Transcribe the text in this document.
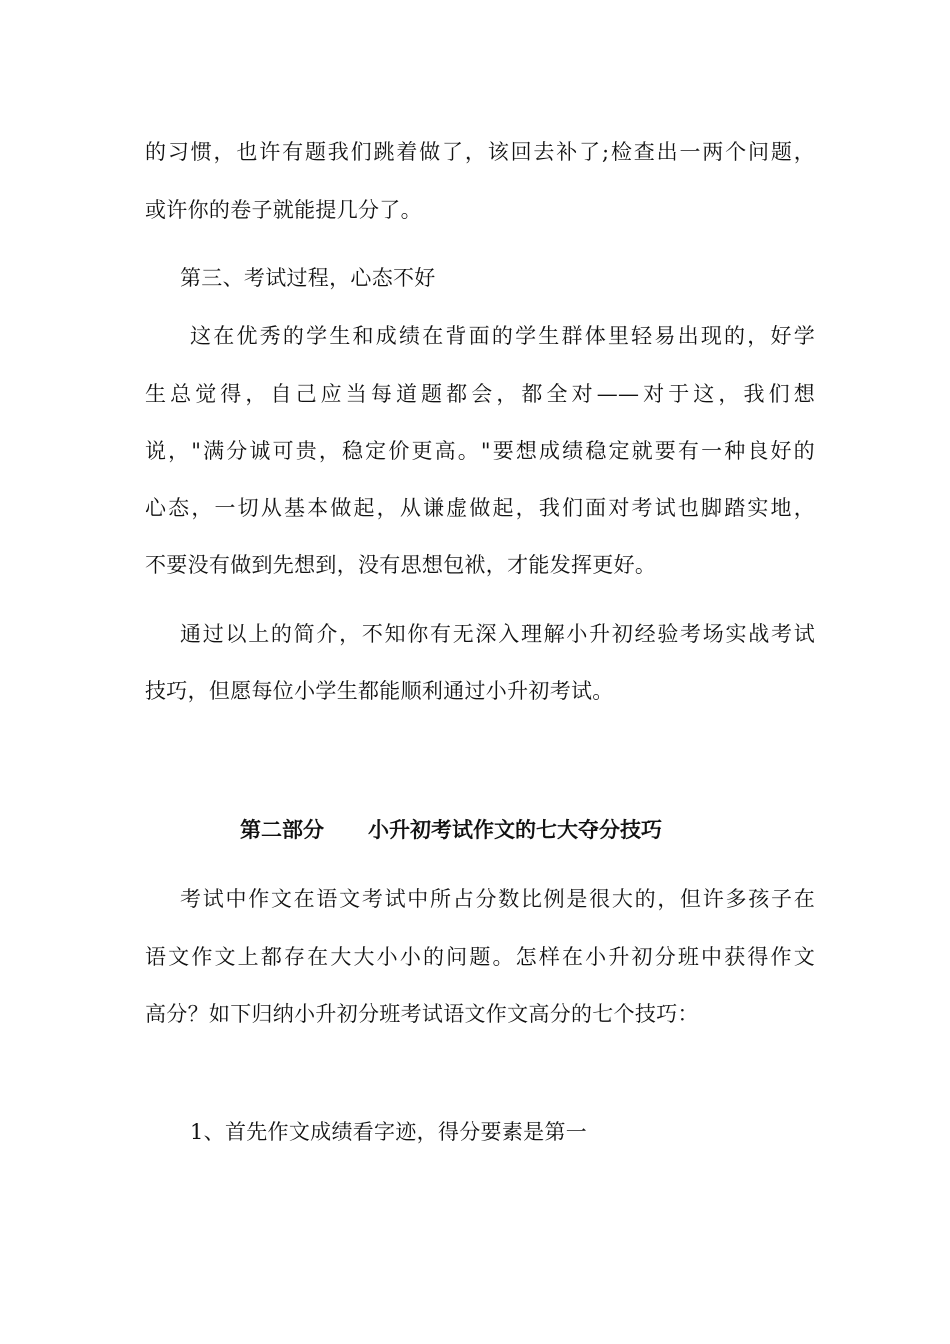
的习惯，也许有题我们跳着做了，该回去补了;检查出一两个问题，
或许你的卷子就能提几分了。
第三、考试过程，心态不好
这在优秀的学生和成绩在背面的学生群体里轻易出现的，好学
生总觉得，自己应当每道题都会，都全对——对于这，我们想
说，"满分诚可贵，稳定价更高。"要想成绩稳定就要有一种良好的
心态，一切从基本做起，从谦虚做起，我们面对考试也脚踏实地，
不要没有做到先想到，没有思想包袱，才能发挥更好。
通过以上的简介，不知你有无深入理解小升初经验考场实战考试
技巧，但愿每位小学生都能顺利通过小升初考试。
第二部分 小升初考试作文的七大夺分技巧
考试中作文在语文考试中所占分数比例是很大的，但许多孩子在
语文作文上都存在大大小小的问题。怎样在小升初分班中获得作文
高分？如下归纳小升初分班考试语文作文高分的七个技巧：
1、首先作文成绩看字迹，得分要素是第一
